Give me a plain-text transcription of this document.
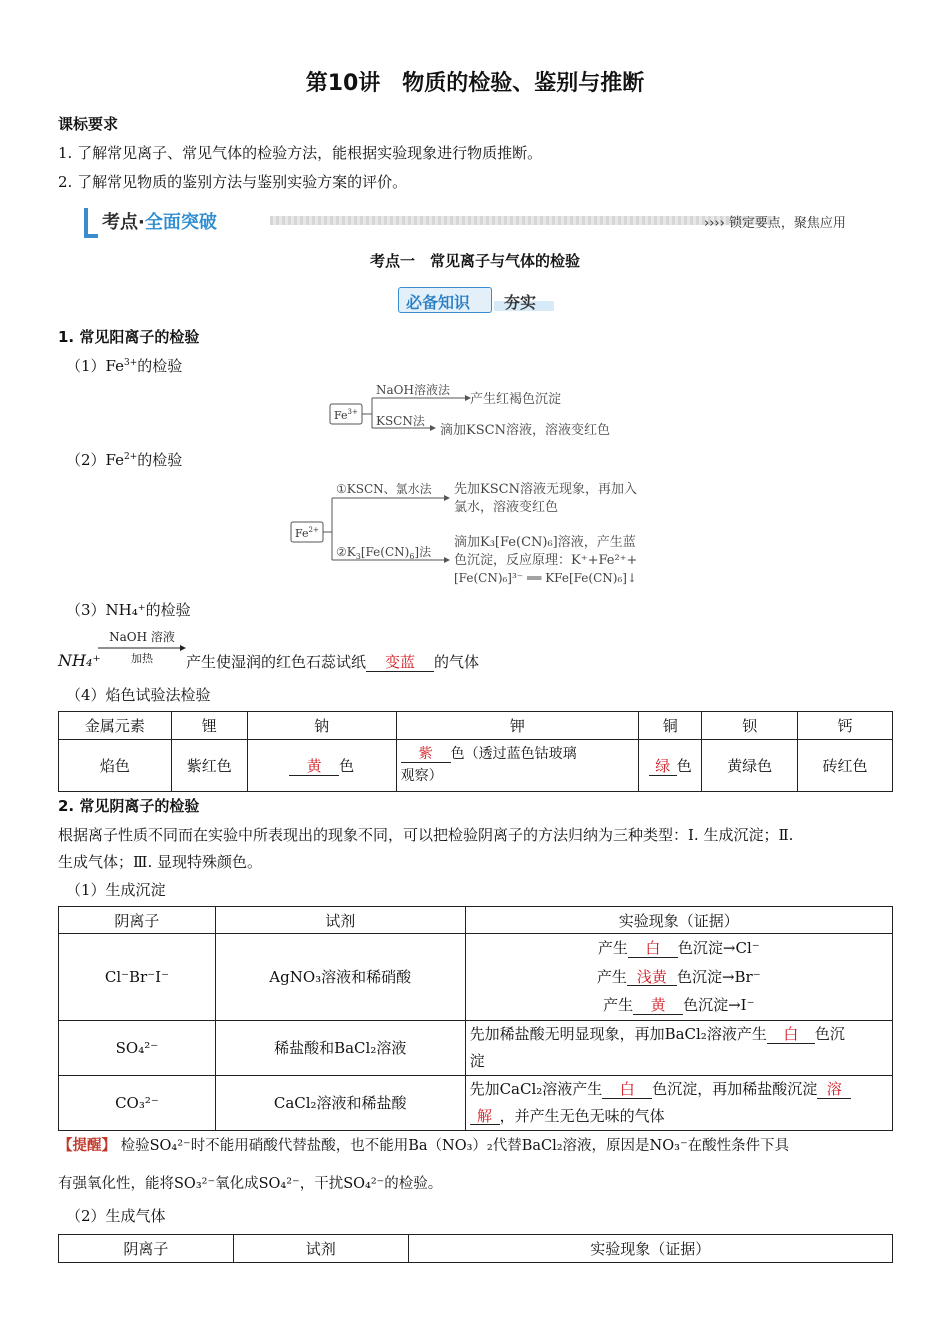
第10讲　物质的检验、鉴别与推断
课标要求
1. 了解常见离子、常见气体的检验方法，能根据实验现象进行物质推断。
2. 了解常见物质的鉴别方法与鉴别实验方案的评价。
考点·全面突破	›››› 锁定要点，聚焦应用
考点一　常见离子与气体的检验
必备知识 夯实
1. 常见阳离子的检验
$(1)Fe^{3+}$的检验
$Fe^{3+}$
NaOH溶液法
KSCN法
产生红褐色沉淀
滴加KSCN溶液，溶液变红色
$(2)Fe^{2+}$的检验
$Fe^{2+}$
①KSCN、氯水法
$②K_3[Fe(CN)_6]$法
先加KSCN溶液无现象，再加入
氯水，溶液变红色
滴加K₃[Fe(CN)₆]溶液，产生蓝
色沉淀，反应原理：K⁺+Fe²⁺+
[Fe(CN)₆]³⁻ ══ KFe[Fe(CN)₆]↓
（3）NH₄⁺的检验
NH₄⁺
NaOH 溶液
加热 产生使湿润的红色石蕊试纸 变蓝 的气体
（4）焰色试验法检验
金属元素	锂	钠	钾	铜	钡	钙
焰色	紫红色	黄 色	紫 色（透过蓝色钴玻璃
观察）	绿 色	黄绿色	砖红色
2. 常见阴离子的检验
根据离子性质不同而在实验中所表现出的现象不同，可以把检验阴离子的方法归纳为三种类型：Ⅰ. 生成沉淀；Ⅱ.
生成气体；Ⅲ. 显现特殊颜色。
（1）生成沉淀
阴离子	试剂	实验现象（证据）
Cl⁻Br⁻I⁻	AgNO₃溶液和稀硝酸	产生 白 色沉淀→Cl⁻
产生 浅黄 色沉淀→Br⁻
产生 黄 色沉淀→I⁻
SO₄²⁻	稀盐酸和BaCl₂溶液	先加稀盐酸无明显现象，再加BaCl₂溶液产生 白 色沉
淀
CO₃²⁻	CaCl₂溶液和稀盐酸	先加CaCl₂溶液产生 白 色沉淀，再加稀盐酸沉淀 溶
解 ，并产生无色无味的气体
【提醒】 检验SO₄²⁻时不能用硝酸代替盐酸，也不能用Ba（NO₃）₂代替BaCl₂溶液，原因是NO₃⁻在酸性条件下具
有强氧化性，能将SO₃²⁻氧化成SO₄²⁻，干扰SO₄²⁻的检验。
（2）生成气体
阴离子	试剂	实验现象（证据）
